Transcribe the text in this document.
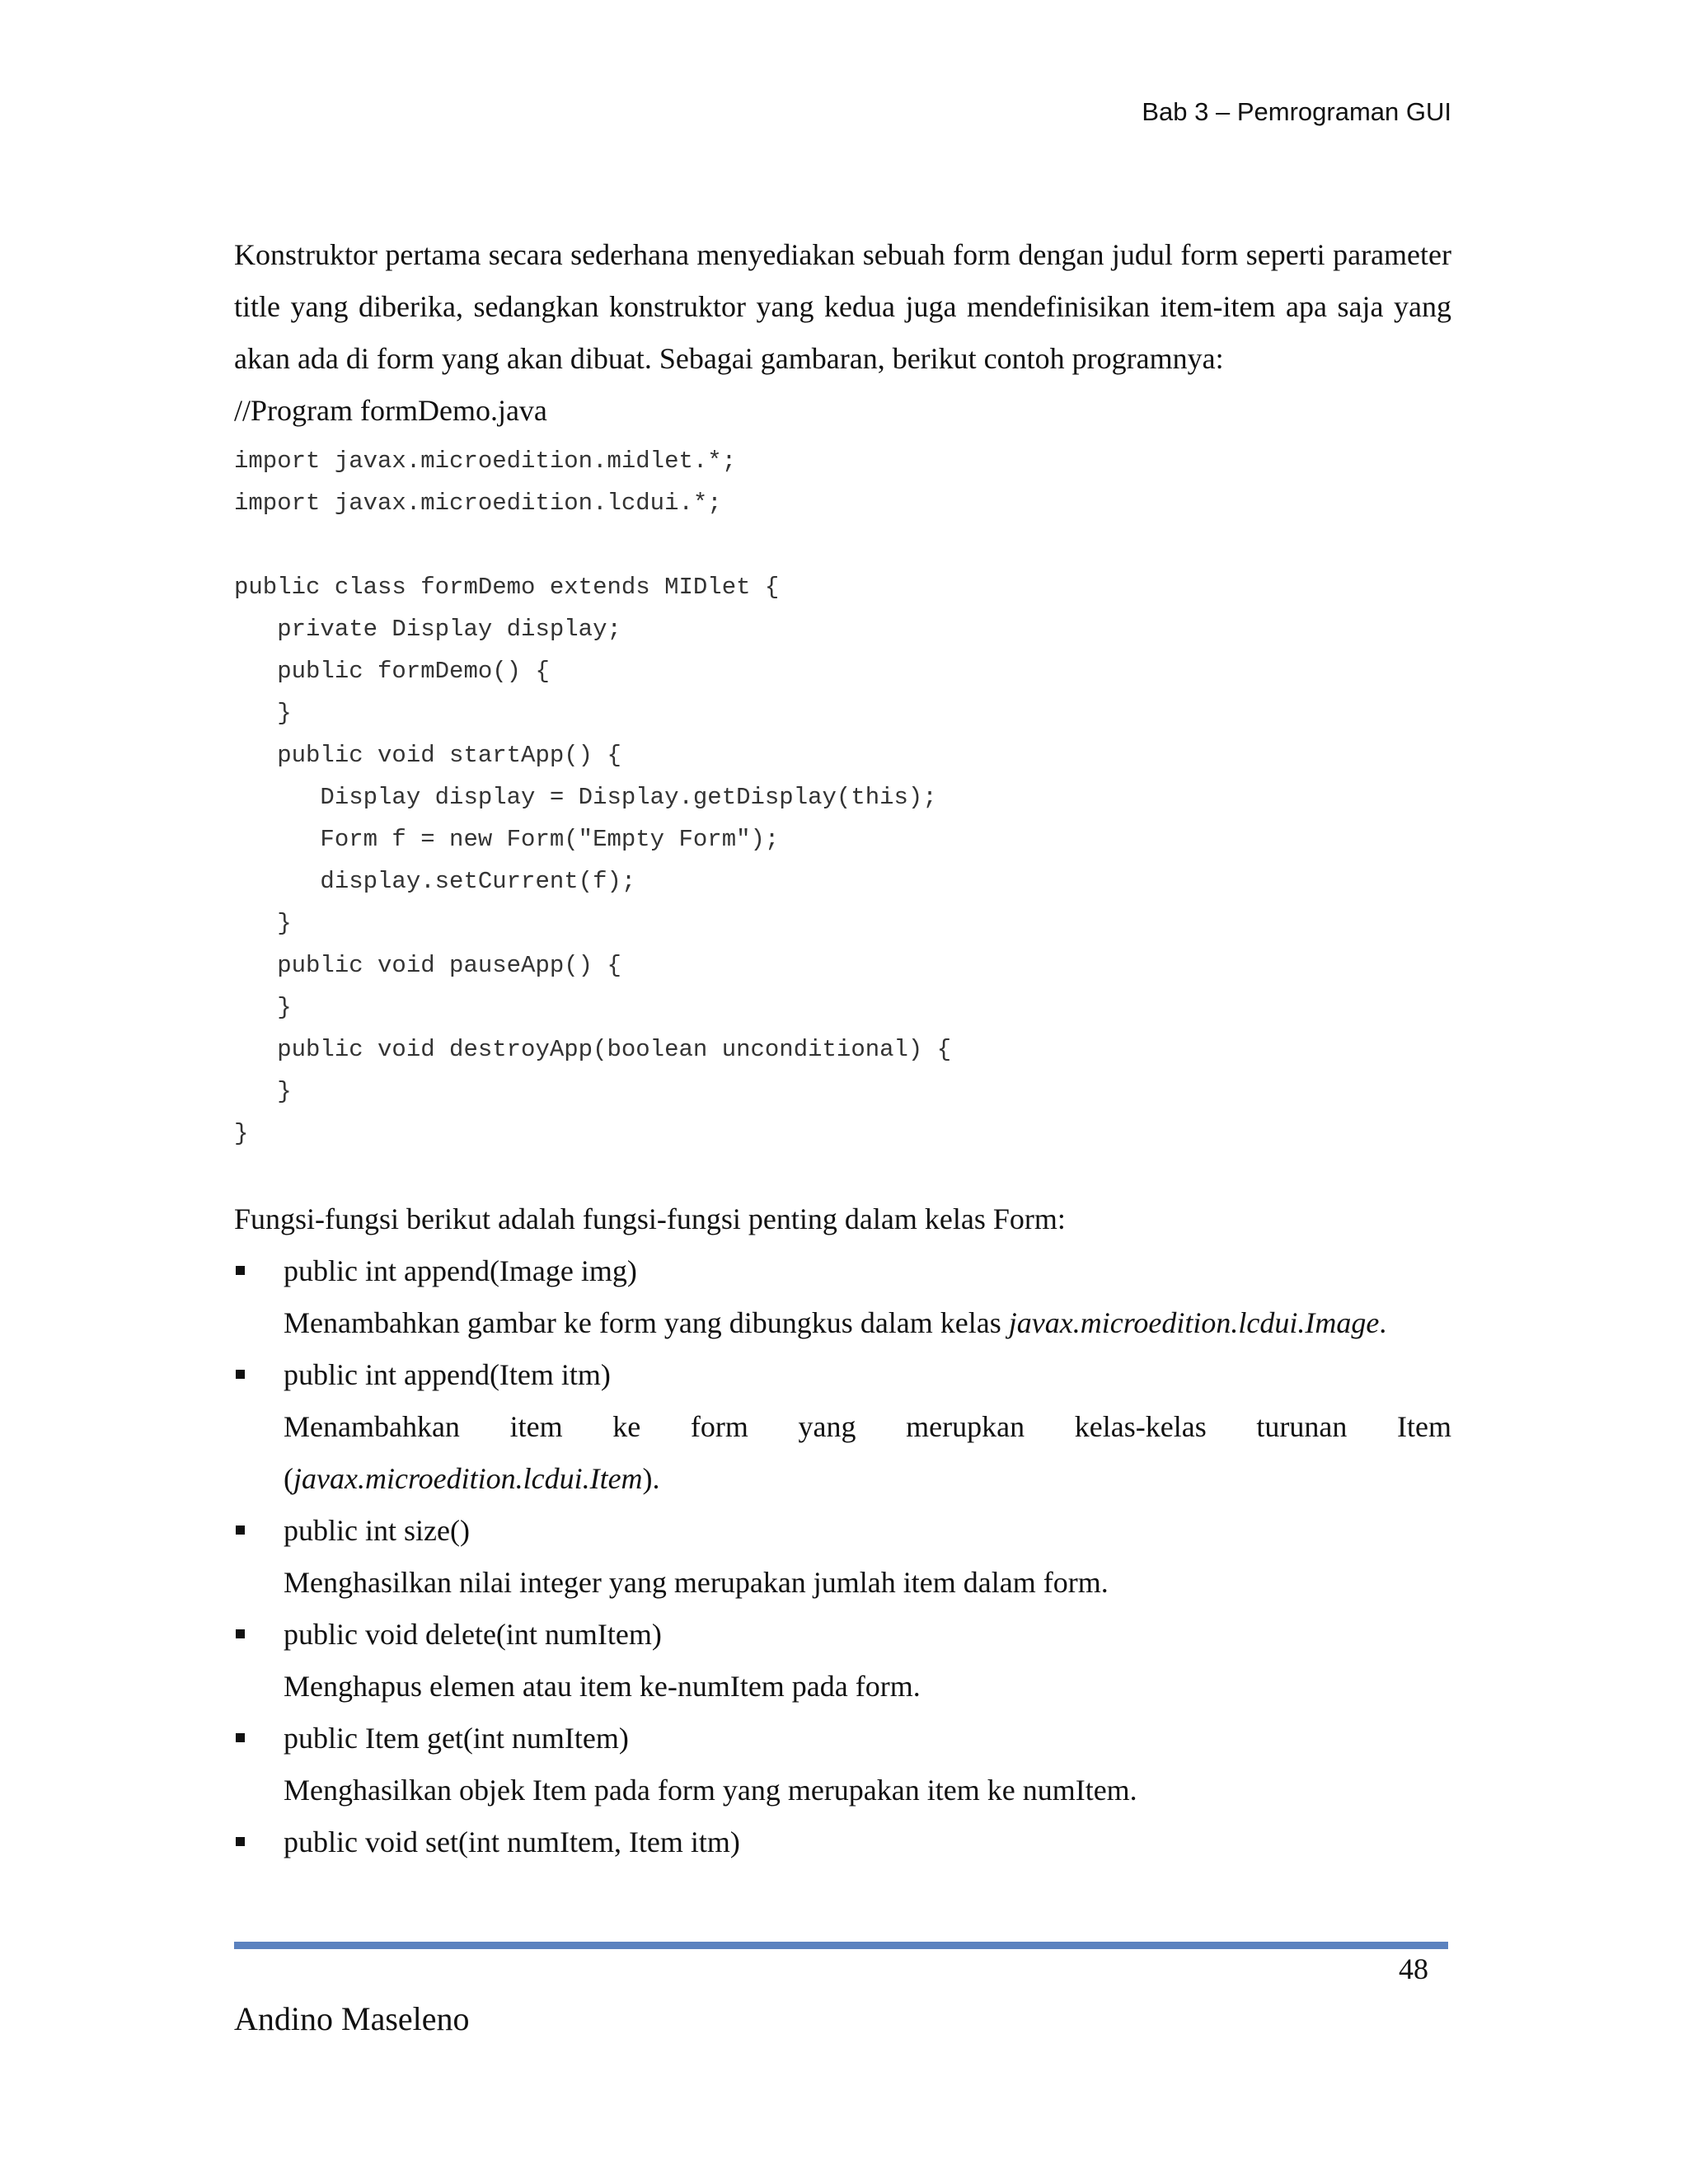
Bab 3 – Pemrograman GUI

Konstruktor pertama secara sederhana menyediakan sebuah form dengan judul form seperti parameter title yang diberika, sedangkan konstruktor yang kedua juga mendefinisikan item-item apa saja yang akan ada di form yang akan dibuat. Sebagai gambaran, berikut contoh programnya:

//Program formDemo.java

import javax.microedition.midlet.*;
import javax.microedition.lcdui.*;
public class formDemo extends MIDlet {
private Display display;
public formDemo() {
}
public void startApp() {
Display display = Display.getDisplay(this);
Form f = new Form("Empty Form");
display.setCurrent(f);
}
public void pauseApp() {
}
public void destroyApp(boolean unconditional) {
}
}

Fungsi-fungsi berikut adalah fungsi-fungsi penting dalam kelas Form:

public int append(Image img)
Menambahkan gambar ke form yang dibungkus dalam kelas javax.microedition.lcdui.Image.
public int append(Item itm)
Menambahkan item ke form yang merupkan kelas-kelas turunan Item
(javax.microedition.lcdui.Item).
public int size()
Menghasilkan nilai integer yang merupakan jumlah item dalam form.
public void delete(int numItem)
Menghapus elemen atau item ke-numItem pada form.
public Item get(int numItem)
Menghasilkan objek Item pada form yang merupakan item ke numItem.
public void set(int numItem, Item itm)
48
Andino Maseleno
